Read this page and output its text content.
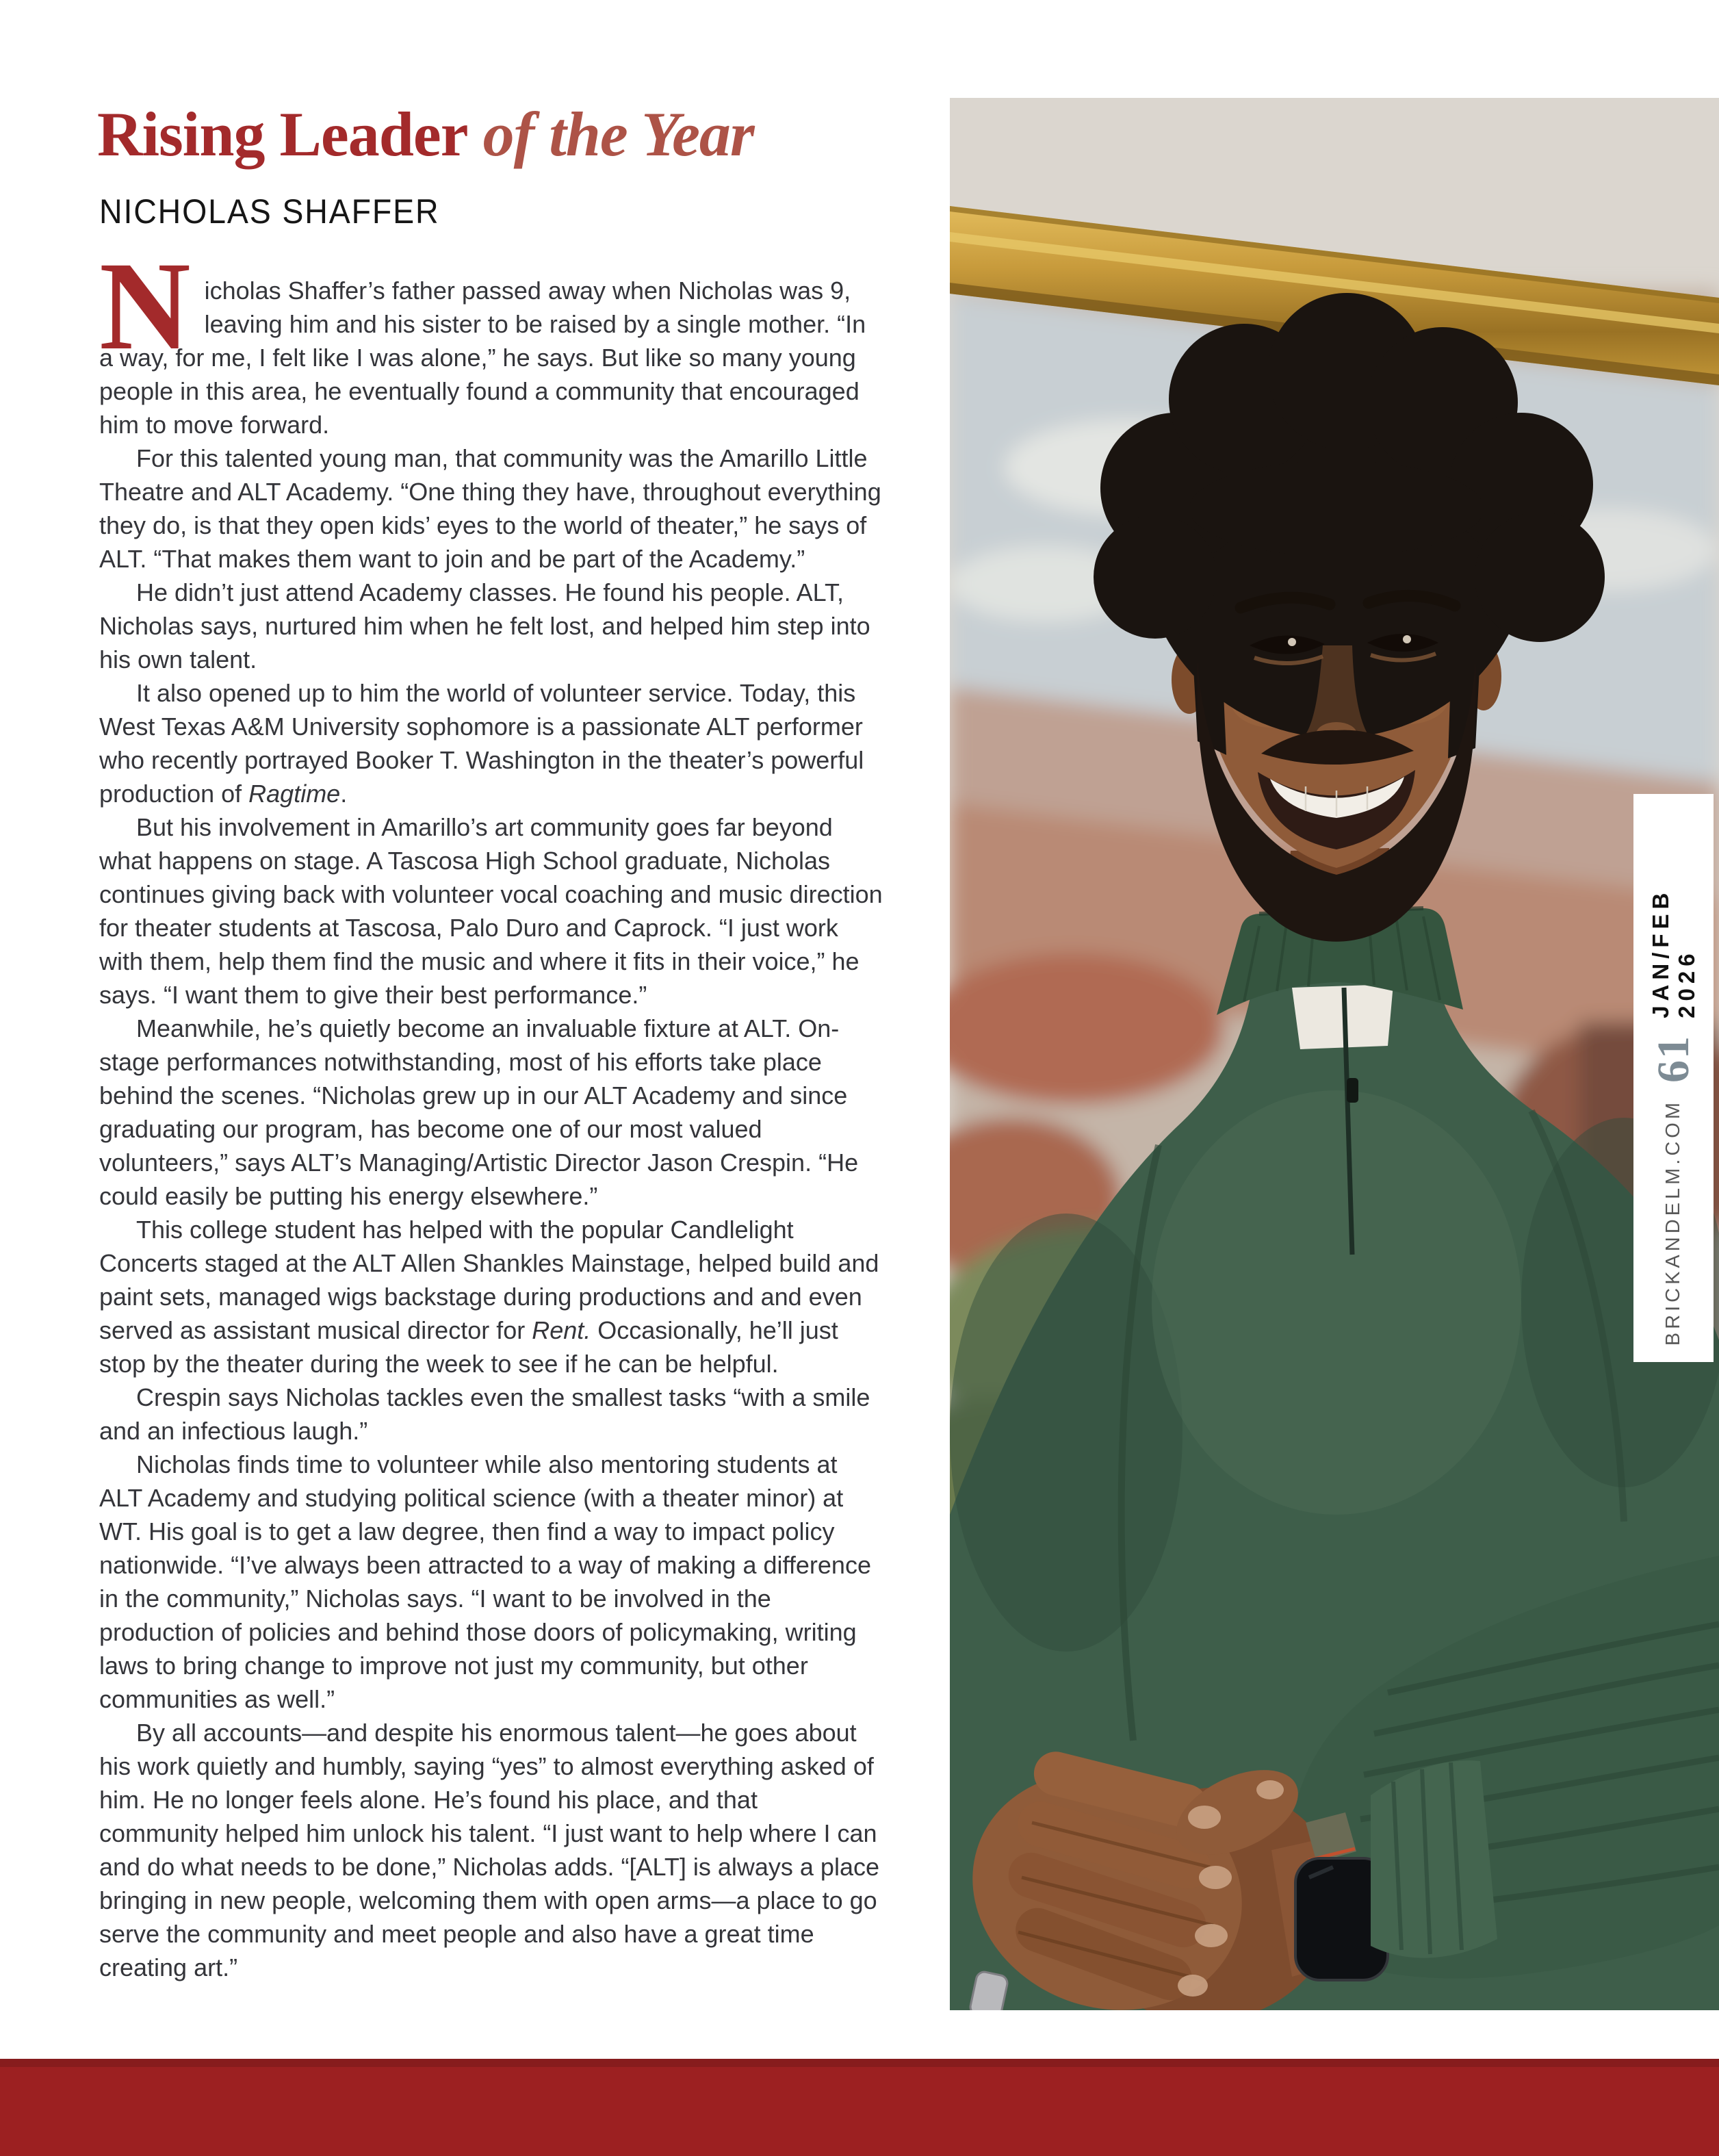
Rising Leader of the Year
NICHOLAS SHAFFER

Nicholas Shaffer’s father passed away when Nicholas was 9, leaving him and his sister to be raised by a single mother. “In a way, for me, I felt like I was alone,” he says. But like so many young people in this area, he eventually found a community that encouraged him to move forward.

For this talented young man, that community was the Amarillo Little Theatre and ALT Academy. “One thing they have, throughout everything they do, is that they open kids’ eyes to the world of theater,” he says of ALT. “That makes them want to join and be part of the Academy.”

He didn’t just attend Academy classes. He found his people. ALT, Nicholas says, nurtured him when he felt lost, and helped him step into his own talent.

It also opened up to him the world of volunteer service. Today, this West Texas A&M University sophomore is a passionate ALT performer who recently portrayed Booker T. Washington in the theater’s powerful production of Ragtime.

But his involvement in Amarillo’s art community goes far beyond what happens on stage. A Tascosa High School graduate, Nicholas continues giving back with volunteer vocal coaching and music direction for theater students at Tascosa, Palo Duro and Caprock. “I just work with them, help them find the music and where it fits in their voice,” he says. “I want them to give their best performance.”

Meanwhile, he’s quietly become an invaluable fixture at ALT. On-stage performances notwithstanding, most of his efforts take place behind the scenes. “Nicholas grew up in our ALT Academy and since graduating our program, has become one of our most valued volunteers,” says ALT’s Managing/Artistic Director Jason Crespin. “He could easily be putting his energy elsewhere.”

This college student has helped with the popular Candlelight Concerts staged at the ALT Allen Shankles Mainstage, helped build and paint sets, managed wigs backstage during productions and and even served as assistant musical director for Rent. Occasionally, he’ll just stop by the theater during the week to see if he can be helpful.

Crespin says Nicholas tackles even the smallest tasks “with a smile and an infectious laugh.”

Nicholas finds time to volunteer while also mentoring students at ALT Academy and studying political science (with a theater minor) at WT. His goal is to get a law degree, then find a way to impact policy nationwide. “I’ve always been attracted to a way of making a difference in the community,” Nicholas says. “I want to be involved in the production of policies and behind those doors of policymaking, writing laws to bring change to improve not just my community, but other communities as well.”

By all accounts—and despite his enormous talent—he goes about his work quietly and humbly, saying “yes” to almost everything asked of him. He no longer feels alone. He’s found his place, and that community helped him unlock his talent. “I just want to help where I can and do what needs to be done,” Nicholas adds. “[ALT] is always a place bringing in new people, welcoming them with open arms—a place to go serve the community and meet people and also have a great time creating art.”

JAN/FEB 2026
61
BRICKANDELM.COM
